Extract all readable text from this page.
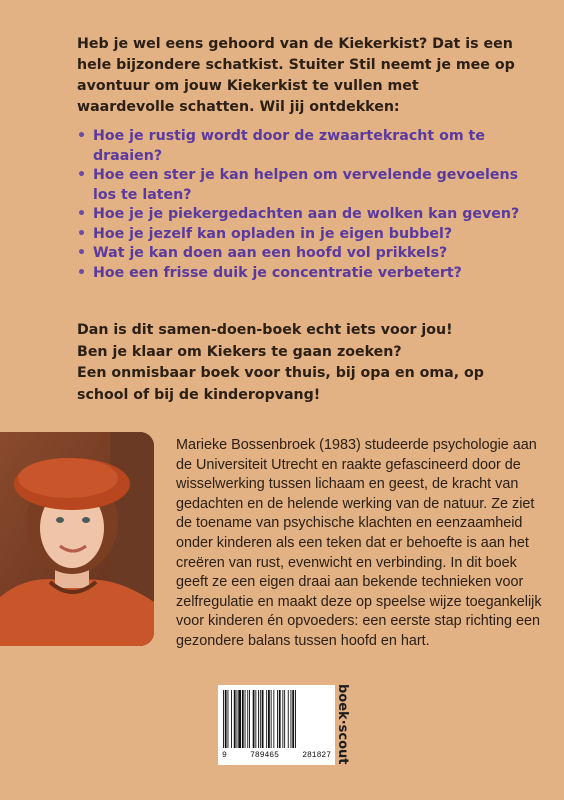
Heb je wel eens gehoord van de Kiekerkist? Dat is een hele bijzondere schatkist. Stuiter Stil neemt je mee op avontuur om jouw Kiekerkist te vullen met waardevolle schatten. Wil jij ontdekken:

• Hoe je rustig wordt door de zwaartekracht om te draaien?
• Hoe een ster je kan helpen om vervelende gevoelens los te laten?
• Hoe je je piekergedachten aan de wolken kan geven?
• Hoe je jezelf kan opladen in je eigen bubbel?
• Wat je kan doen aan een hoofd vol prikkels?
• Hoe een frisse duik je concentratie verbetert?
Dan is dit samen-doen-boek echt iets voor jou!
Ben je klaar om Kiekers te gaan zoeken?
Een onmisbaar boek voor thuis, bij opa en oma, op school of bij de kinderopvang!

Marieke Bossenbroek (1983) studeerde psychologie aan de Universiteit Utrecht en raakte gefascineerd door de wisselwerking tussen lichaam en geest, de kracht van gedachten en de helende werking van de natuur. Ze ziet de toename van psychische klachten en eenzaamheid onder kinderen als een teken dat er behoefte is aan het creëren van rust, evenwicht en verbinding. In dit boek geeft ze een eigen draai aan bekende technieken voor zelfregulatie en maakt deze op speelse wijze toegankelijk voor kinderen én opvoeders: een eerste stap richting een gezondere balans tussen hoofd en hart.

9	789465	281827 boek·scout
